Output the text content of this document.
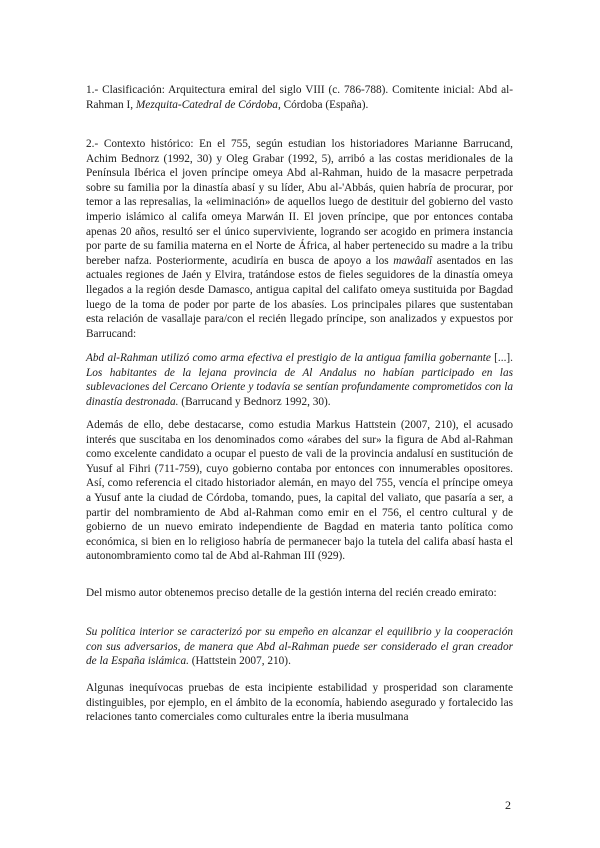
1.- Clasificación: Arquitectura emiral del siglo VIII (c. 786-788). Comitente inicial: Abd al-Rahman I, Mezquita-Catedral de Córdoba, Córdoba (España).

2.- Contexto histórico: En el 755, según estudian los historiadores Marianne Barrucand, Achim Bednorz (1992, 30) y Oleg Grabar (1992, 5), arribó a las costas meridionales de la Península Ibérica el joven príncipe omeya Abd al-Rahman, huido de la masacre perpetrada sobre su familia por la dinastía abasí y su líder, Abu al-'Abbás, quien habría de procurar, por temor a las represalias, la «eliminación» de aquellos luego de destituir del gobierno del vasto imperio islámico al califa omeya Marwán II. El joven príncipe, que por entonces contaba apenas 20 años, resultó ser el único superviviente, logrando ser acogido en primera instancia por parte de su familia materna en el Norte de África, al haber pertenecido su madre a la tribu bereber nafza. Posteriormente, acudiría en busca de apoyo a los mawâalî asentados en las actuales regiones de Jaén y Elvira, tratándose estos de fieles seguidores de la dinastía omeya llegados a la región desde Damasco, antigua capital del califato omeya sustituida por Bagdad luego de la toma de poder por parte de los abasíes. Los principales pilares que sustentaban esta relación de vasallaje para/con el recién llegado príncipe, son analizados y expuestos por Barrucand:

Abd al-Rahman utilizó como arma efectiva el prestigio de la antigua familia gobernante [...]. Los habitantes de la lejana provincia de Al Andalus no habían participado en las sublevaciones del Cercano Oriente y todavía se sentían profundamente comprometidos con la dinastía destronada. (Barrucand y Bednorz 1992, 30).

Además de ello, debe destacarse, como estudia Markus Hattstein (2007, 210), el acusado interés que suscitaba en los denominados como «árabes del sur» la figura de Abd al-Rahman como excelente candidato a ocupar el puesto de vali de la provincia andalusí en sustitución de Yusuf al Fihri (711-759), cuyo gobierno contaba por entonces con innumerables opositores. Así, como referencia el citado historiador alemán, en mayo del 755, vencía el príncipe omeya a Yusuf ante la ciudad de Córdoba, tomando, pues, la capital del valiato, que pasaría a ser, a partir del nombramiento de Abd al-Rahman como emir en el 756, el centro cultural y de gobierno de un nuevo emirato independiente de Bagdad en materia tanto política como económica, si bien en lo religioso habría de permanecer bajo la tutela del califa abasí hasta el autonombramiento como tal de Abd al-Rahman III (929).

Del mismo autor obtenemos preciso detalle de la gestión interna del recién creado emirato:

Su política interior se caracterizó por su empeño en alcanzar el equilibrio y la cooperación con sus adversarios, de manera que Abd al-Rahman puede ser considerado el gran creador de la España islámica. (Hattstein 2007, 210).

Algunas inequívocas pruebas de esta incipiente estabilidad y prosperidad son claramente distinguibles, por ejemplo, en el ámbito de la economía, habiendo asegurado y fortalecido las relaciones tanto comerciales como culturales entre la iberia musulmana

2
